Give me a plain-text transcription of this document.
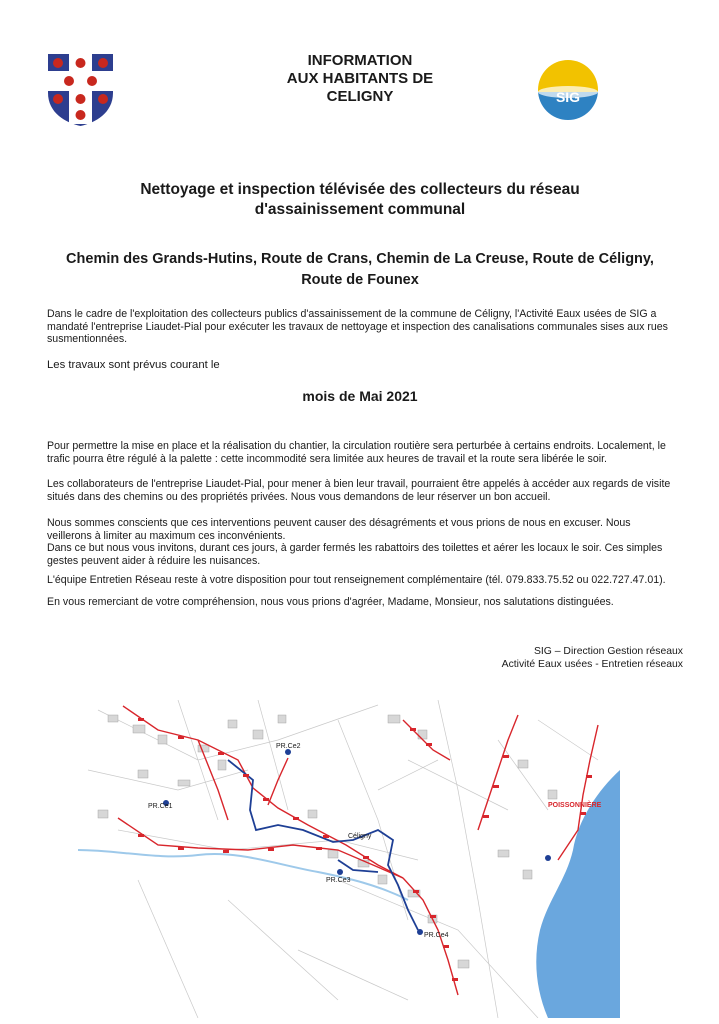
INFORMATION
AUX HABITANTS DE
CELIGNY	SIG
Nettoyage et inspection télévisée des collecteurs du réseau
d'assainissement communal
Chemin des Grands-Hutins, Route de Crans, Chemin de La Creuse, Route de Céligny,
Route de Founex
Dans le cadre de l'exploitation des collecteurs publics d'assainissement de la commune de Céligny, l'Activité Eaux usées de SIG a mandaté l'entreprise Liaudet-Pial pour exécuter les travaux de nettoyage et inspection des canalisations communales sises aux rues susmentionnées.
Les travaux sont prévus courant le
mois de Mai 2021
Pour permettre la mise en place et la réalisation du chantier, la circulation routière sera perturbée à certains endroits. Localement, le trafic pourra être régulé à la palette : cette incommodité sera limitée aux heures de travail et la route sera libérée le soir.
Les collaborateurs de l'entreprise Liaudet-Pial, pour mener à bien leur travail, pourraient être appelés à accéder aux regards de visite situés dans des chemins ou des propriétés privées. Nous vous demandons de leur réserver un bon accueil.
Nous sommes conscients que ces interventions peuvent causer des désagréments et vous prions de nous en excuser. Nous veillerons à limiter au maximum ces inconvénients.
Dans ce but nous vous invitons, durant ces jours, à garder fermés les rabattoirs des toilettes et aérer les locaux le soir. Ces simples gestes peuvent aider à réduire les nuisances.
L'équipe Entretien Réseau reste à votre disposition pour tout renseignement complémentaire (tél. 079.833.75.52 ou 022.727.47.01).
En vous remerciant de votre compréhension, nous vous prions d'agréer, Madame, Monsieur, nos salutations distinguées.
SIG – Direction Gestion réseaux
Activité Eaux usées - Entretien réseaux
PR.Ce1
PR.Ce2
PR.Ce3
PR.Ce4
Céligny
POISSONNIÈRE
